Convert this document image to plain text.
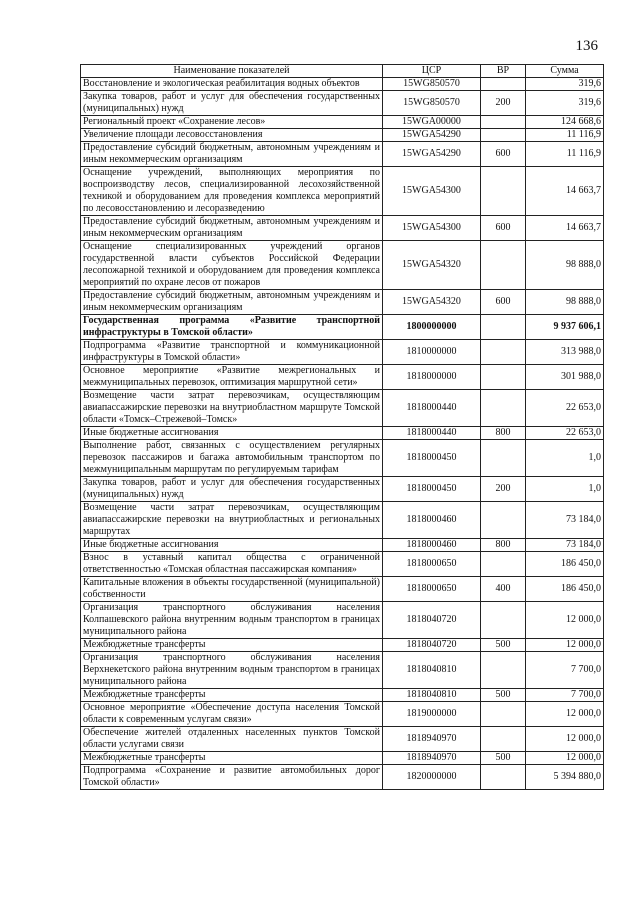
136
Наименование показателей	ЦСР	ВР	Сумма
Восстановление и экологическая реабилитация водных объектов	15WG850570		319,6
Закупка товаров, работ и услуг для обеспечения государственных (муниципальных) нужд	15WG850570	200	319,6
Региональный проект «Сохранение лесов»	15WGA00000		124 668,6
Увеличение площади лесовосстановления	15WGA54290		11 116,9
Предоставление субсидий бюджетным, автономным учреждениям и иным некоммерческим организациям	15WGA54290	600	11 116,9
Оснащение учреждений, выполняющих мероприятия по воспроизводству лесов, специализированной лесохозяйственной техникой и оборудованием для проведения комплекса мероприятий по лесовосстановлению и лесоразведению	15WGA54300		14 663,7
Предоставление субсидий бюджетным, автономным учреждениям и иным некоммерческим организациям	15WGA54300	600	14 663,7
Оснащение специализированных учреждений органов государственной власти субъектов Российской Федерации лесопожарной техникой и оборудованием для проведения комплекса мероприятий по охране лесов от пожаров	15WGA54320		98 888,0
Предоставление субсидий бюджетным, автономным учреждениям и иным некоммерческим организациям	15WGA54320	600	98 888,0
Государственная программа «Развитие транспортной инфраструктуры в Томской области»	1800000000		9 937 606,1
Подпрограмма «Развитие транспортной и коммуникационной инфраструктуры в Томской области»	1810000000		313 988,0
Основное мероприятие «Развитие межрегиональных и межмуниципальных перевозок, оптимизация маршрутной сети»	1818000000		301 988,0
Возмещение части затрат перевозчикам, осуществляющим авиапассажирские перевозки на внутриобластном маршруте Томской области «Томск–Стрежевой–Томск»	1818000440		22 653,0
Иные бюджетные ассигнования	1818000440	800	22 653,0
Выполнение работ, связанных с осуществлением регулярных перевозок пассажиров и багажа автомобильным транспортом по межмуниципальным маршрутам по регулируемым тарифам	1818000450		1,0
Закупка товаров, работ и услуг для обеспечения государственных (муниципальных) нужд	1818000450	200	1,0
Возмещение части затрат перевозчикам, осуществляющим авиапассажирские перевозки на внутриобластных и региональных маршрутах	1818000460		73 184,0
Иные бюджетные ассигнования	1818000460	800	73 184,0
Взнос в уставный капитал общества с ограниченной ответственностью «Томская областная пассажирская компания»	1818000650		186 450,0
Капитальные вложения в объекты государственной (муниципальной) собственности	1818000650	400	186 450,0
Организация транспортного обслуживания населения Колпашевского района внутренним водным транспортом в границах муниципального района	1818040720		12 000,0
Межбюджетные трансферты	1818040720	500	12 000,0
Организация транспортного обслуживания населения Верхнекетского района внутренним водным транспортом в границах муниципального района	1818040810		7 700,0
Межбюджетные трансферты	1818040810	500	7 700,0
Основное мероприятие «Обеспечение доступа населения Томской области к современным услугам связи»	1819000000		12 000,0
Обеспечение жителей отдаленных населенных пунктов Томской области услугами связи	1818940970		12 000,0
Межбюджетные трансферты	1818940970	500	12 000,0
Подпрограмма «Сохранение и развитие автомобильных дорог Томской области»	1820000000		5 394 880,0
